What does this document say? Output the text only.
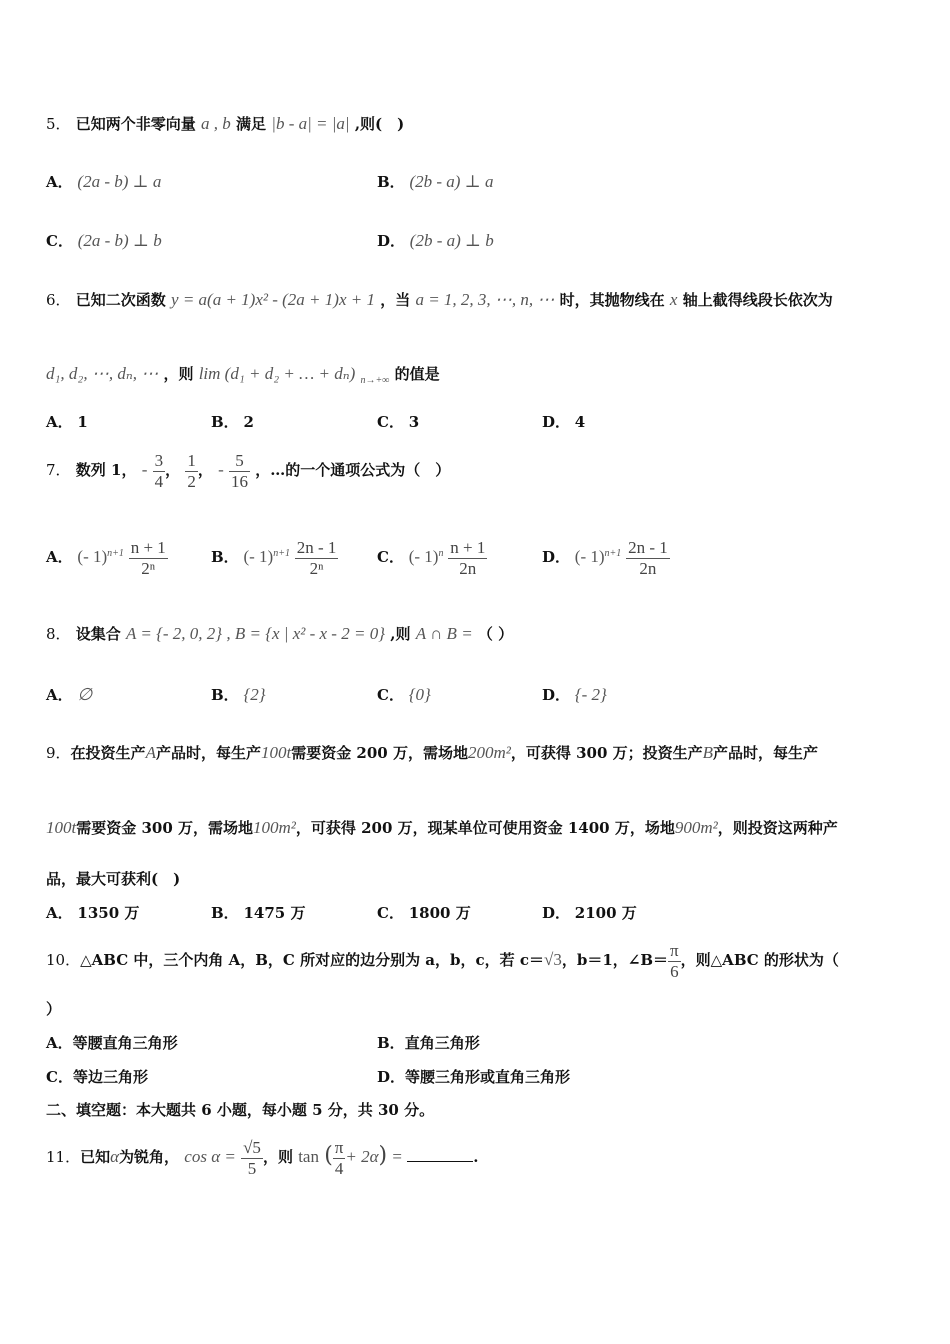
5． 已知两个非零向量 a , b 满足 |b - a| = |a| ,则(　)
A． (2a - b) ⊥ a	B． (2b - a) ⊥ a
C． (2a - b) ⊥ b	D． (2b - a) ⊥ b
6． 已知二次函数 y = a(a + 1)x² - (2a + 1)x + 1 ，当 a = 1, 2, 3, ⋯, n, ⋯ 时，其抛物线在 x 轴上截得线段长依次为
d₁, d₂, ⋯, dₙ, ⋯ ，则 lim (d₁ + d₂ + … + dₙ) $_{n\to+\infty}$ 的值是
A． 1	B． 2	C． 3	D． 4
7． 数列 1， - $\frac{3}{4}$ ， $\frac{1}{2}$ ， - $\frac{5}{16}$ ，…的一个通项公式为（　）
A． (- $1)^{n+1} \frac{n + 1}{\text{2ⁿ}}$	B． (- $1)^{n+1} \frac{2n - 1}{\text{2ⁿ}}$	C． (- $1)^n \frac{n + 1}{2n}$	D． (- $1)^{n+1} \frac{2n - 1}{2n}$
8． 设集合 A = {- 2, 0, 2} , B = {x | x² - x - 2 = 0} ,则 A ∩ B = （ ）
A． ∅	B． {2}	C． {0}	D． {- 2}
9．在投资生产A产品时，每生产100t需要资金 200 万，需场地200m²，可获得 300 万；投资生产B产品时，每生产
100t需要资金 300 万，需场地100m²，可获得 200 万，现某单位可使用资金 1400 万，场地900m²，则投资这两种产
品，最大可获利(　)
A． 1350 万	B． 1475 万	C． 1800 万	D． 2100 万
10．△ABC 中，三个内角 A，B，C 所对应的边分别为 a，b，c，若 c＝√3，b＝1，∠B＝ $\frac{\pi}{6}$ ，则△ABC 的形状为（
）
A．等腰直角三角形	B．直角三角形
C．等边三角形	D．等腰三角形或直角三角形
二、填空题：本大题共 6 小题，每小题 5 分，共 30 分。
11．已知α为锐角， $\cos \alpha = \frac{√5}{5}$ ，则 tan ( $\frac{\pi}{4} + 2\alpha$) =	.
